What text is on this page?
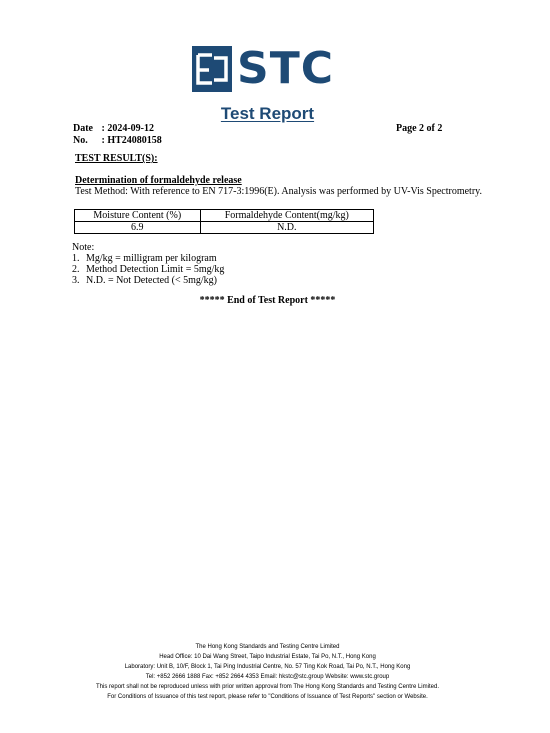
STC
Test Report
Date : 2024-09-12
No. : HT24080158
Page 2 of 2
TEST RESULT(S):
Determination of formaldehyde release
Test Method: With reference to EN 717-3:1996(E). Analysis was performed by UV-Vis Spectrometry.
Moisture Content (%)	Formaldehyde Content(mg/kg)
6.9	N.D.
Note:
1. Mg/kg = milligram per kilogram
2. Method Detection Limit = 5mg/kg
3. N.D. = Not Detected (< 5mg/kg)
***** End of Test Report *****
The Hong Kong Standards and Testing Centre Limited
Head Office: 10 Dai Wang Street, Taipo Industrial Estate, Tai Po, N.T., Hong Kong
Laboratory: Unit B, 10/F, Block 1, Tai Ping Industrial Centre, No. 57 Ting Kok Road, Tai Po, N.T., Hong Kong
Tel: +852 2666 1888 Fax: +852 2664 4353 Email: hkstc@stc.group Website: www.stc.group
This report shall not be reproduced unless with prior written approval from The Hong Kong Standards and Testing Centre Limited.
For Conditions of Issuance of this test report, please refer to "Conditions of Issuance of Test Reports" section or Website.
